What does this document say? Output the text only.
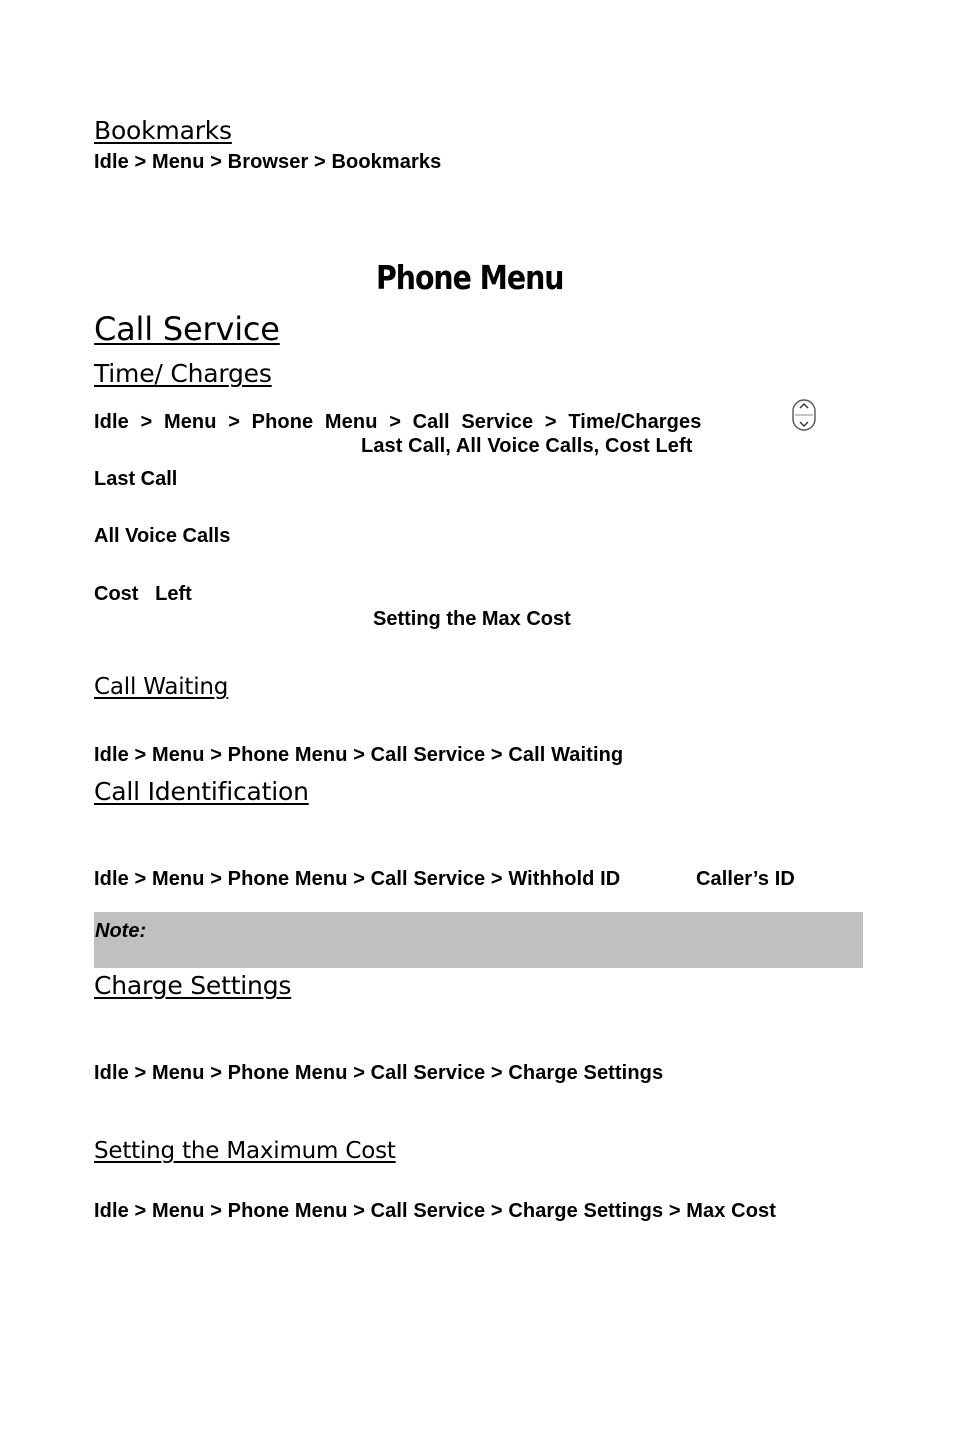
Bookmarks
Idle > Menu > Browser > Bookmarks
Phone Menu
Call Service
Time/ Charges
Idle > Menu > Phone Menu > Call Service > Time/Charges
Last Call, All Voice Calls, Cost Left
Last Call
All Voice Calls
Cost   Left
Setting the Max Cost
Call Waiting
Idle > Menu > Phone Menu > Call Service > Call Waiting
Call Identification
Idle > Menu > Phone Menu > Call Service > Withhold ID	Caller’s ID
Note:
Charge Settings
Idle > Menu > Phone Menu > Call Service > Charge Settings
Setting the Maximum Cost
Idle > Menu > Phone Menu > Call Service > Charge Settings > Max Cost
